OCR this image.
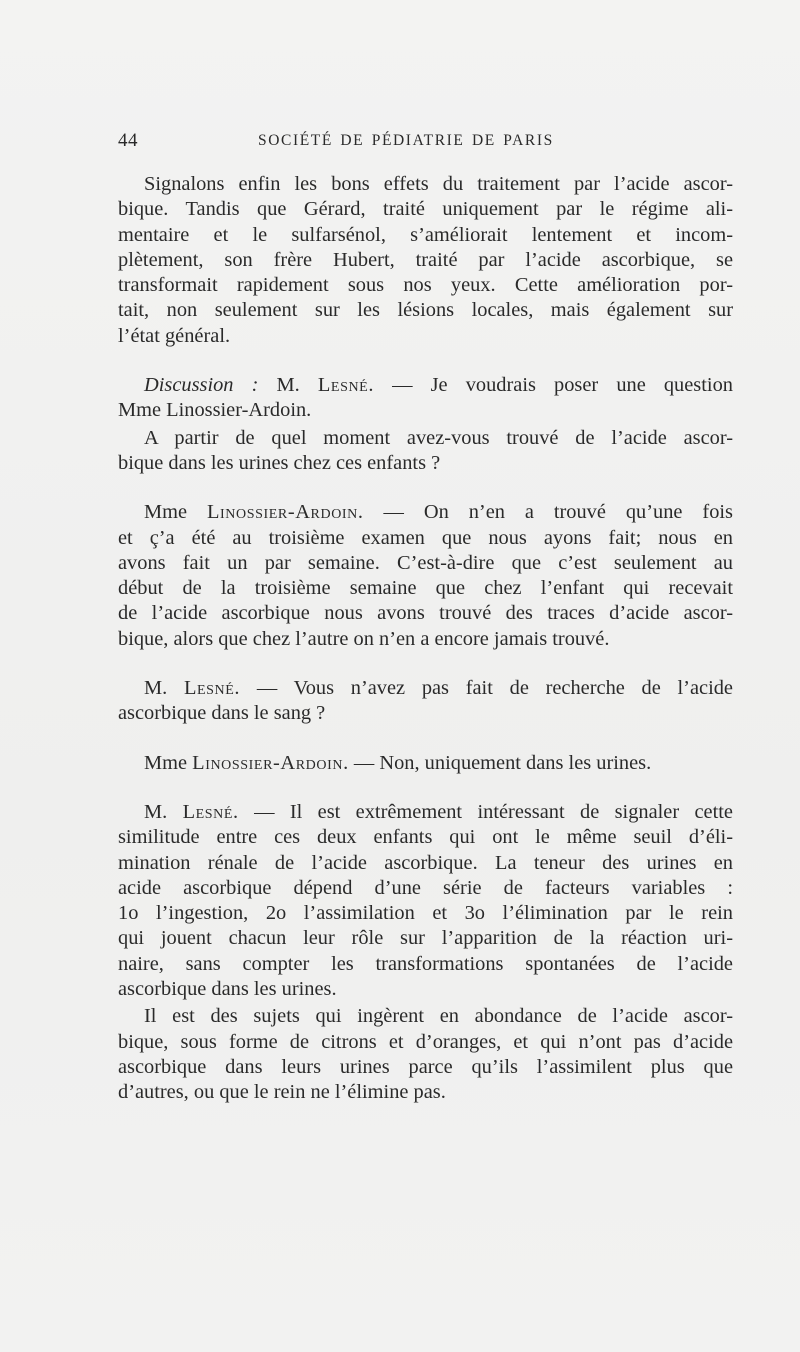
44	SOCIÉTÉ DE PÉDIATRIE DE PARIS

Signalons enfin les bons effets du traitement par l’acide ascor-
bique. Tandis que Gérard, traité uniquement par le régime ali-
mentaire et le sulfarsénol, s’améliorait lentement et incom-
plètement, son frère Hubert, traité par l’acide ascorbique, se
transformait rapidement sous nos yeux. Cette amélioration por-
tait, non seulement sur les lésions locales, mais également sur
l’état général.

Discussion : M. Lesné. — Je voudrais poser une question
Mme Linossier-Ardoin.

A partir de quel moment avez-vous trouvé de l’acide ascor-
bique dans les urines chez ces enfants ?

Mme Linossier-Ardoin. — On n’en a trouvé qu’une fois
et ç’a été au troisième examen que nous ayons fait; nous en
avons fait un par semaine. C’est-à-dire que c’est seulement au
début de la troisième semaine que chez l’enfant qui recevait
de l’acide ascorbique nous avons trouvé des traces d’acide ascor-
bique, alors que chez l’autre on n’en a encore jamais trouvé.

M. Lesné. — Vous n’avez pas fait de recherche de l’acide
ascorbique dans le sang ?

Mme Linossier-Ardoin. — Non, uniquement dans les urines.

M. Lesné. — Il est extrêmement intéressant de signaler cette
similitude entre ces deux enfants qui ont le même seuil d’éli-
mination rénale de l’acide ascorbique. La teneur des urines en
acide ascorbique dépend d’une série de facteurs variables :
1o l’ingestion, 2o l’assimilation et 3o l’élimination par le rein
qui jouent chacun leur rôle sur l’apparition de la réaction uri-
naire, sans compter les transformations spontanées de l’acide
ascorbique dans les urines.

Il est des sujets qui ingèrent en abondance de l’acide ascor-
bique, sous forme de citrons et d’oranges, et qui n’ont pas d’acide
ascorbique dans leurs urines parce qu’ils l’assimilent plus que
d’autres, ou que le rein ne l’élimine pas.
